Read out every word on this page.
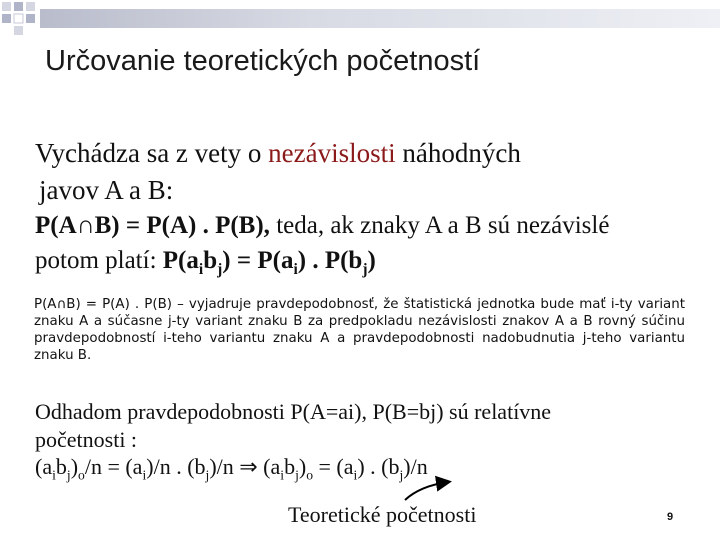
Určovanie teoretických početností
Vychádza sa z vety o nezávislosti náhodných
javov A a B:
P(A∩B) = P(A) . P(B), teda, ak znaky A a B sú nezávislé
potom platí: $P(a_ib_j) = P(a_i)$ . $P(b_j)$
P(A∩B) = P(A) . P(B) – vyjadruje pravdepodobnosť, že štatistická jednotka bude mať i-ty variant znaku A a súčasne j-ty variant znaku B za predpokladu nezávislosti znakov A a B rovný súčinu pravdepodobností i-teho variantu znaku A a pravdepodobnosti nadobudnutia j-teho variantu znaku B.
Odhadom pravdepodobnosti P(A=ai), P(B=bj) sú relatívne
početnosti :
$(a_ib_j)_o/n = (a_i)/n$ . $(b_j)/n$ ⇒ $(a_ib_j)_o = (a_i)$ . $(b_j)/n$
Teoretické početnosti	9
